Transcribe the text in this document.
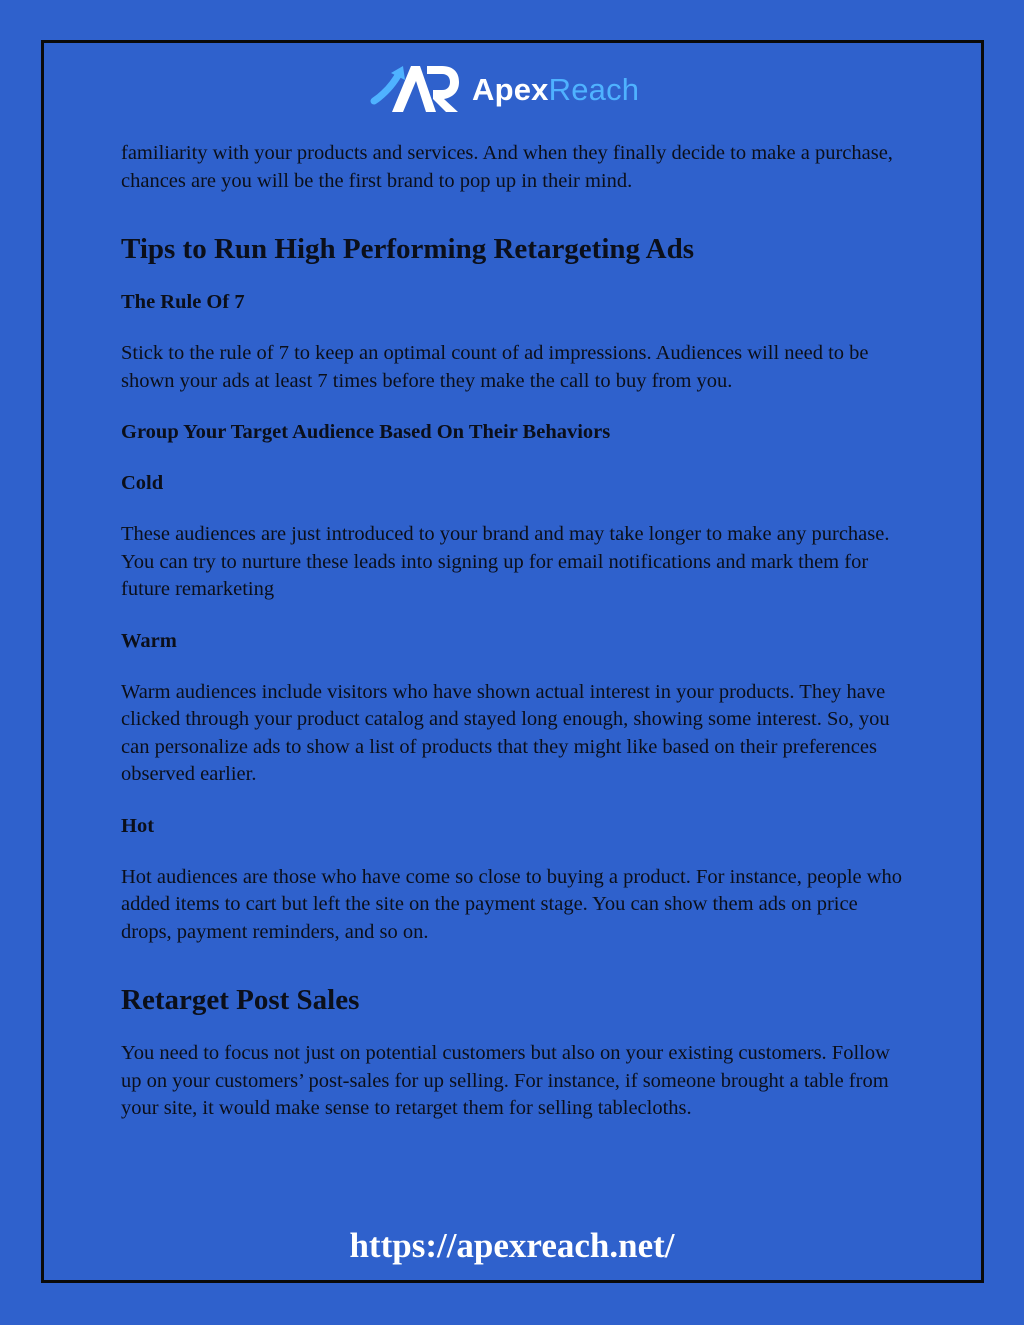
ApexReach

familiarity with your products and services. And when they finally decide to make a purchase, chances are you will be the first brand to pop up in their mind.

Tips to Run High Performing Retargeting Ads
The Rule Of 7

Stick to the rule of 7 to keep an optimal count of ad impressions. Audiences will need to be shown your ads at least 7 times before they make the call to buy from you.

Group Your Target Audience Based On Their Behaviors
Cold

These audiences are just introduced to your brand and may take longer to make any purchase. You can try to nurture these leads into signing up for email notifications and mark them for future remarketing

Warm

Warm audiences include visitors who have shown actual interest in your products. They have clicked through your product catalog and stayed long enough, showing some interest. So, you can personalize ads to show a list of products that they might like based on their preferences observed earlier.

Hot

Hot audiences are those who have come so close to buying a product. For instance, people who added items to cart but left the site on the payment stage. You can show them ads on price drops, payment reminders, and so on.

Retarget Post Sales

You need to focus not just on potential customers but also on your existing customers. Follow up on your customers’ post-sales for up selling. For instance, if someone brought a table from your site, it would make sense to retarget them for selling tablecloths.

https://apexreach.net/
